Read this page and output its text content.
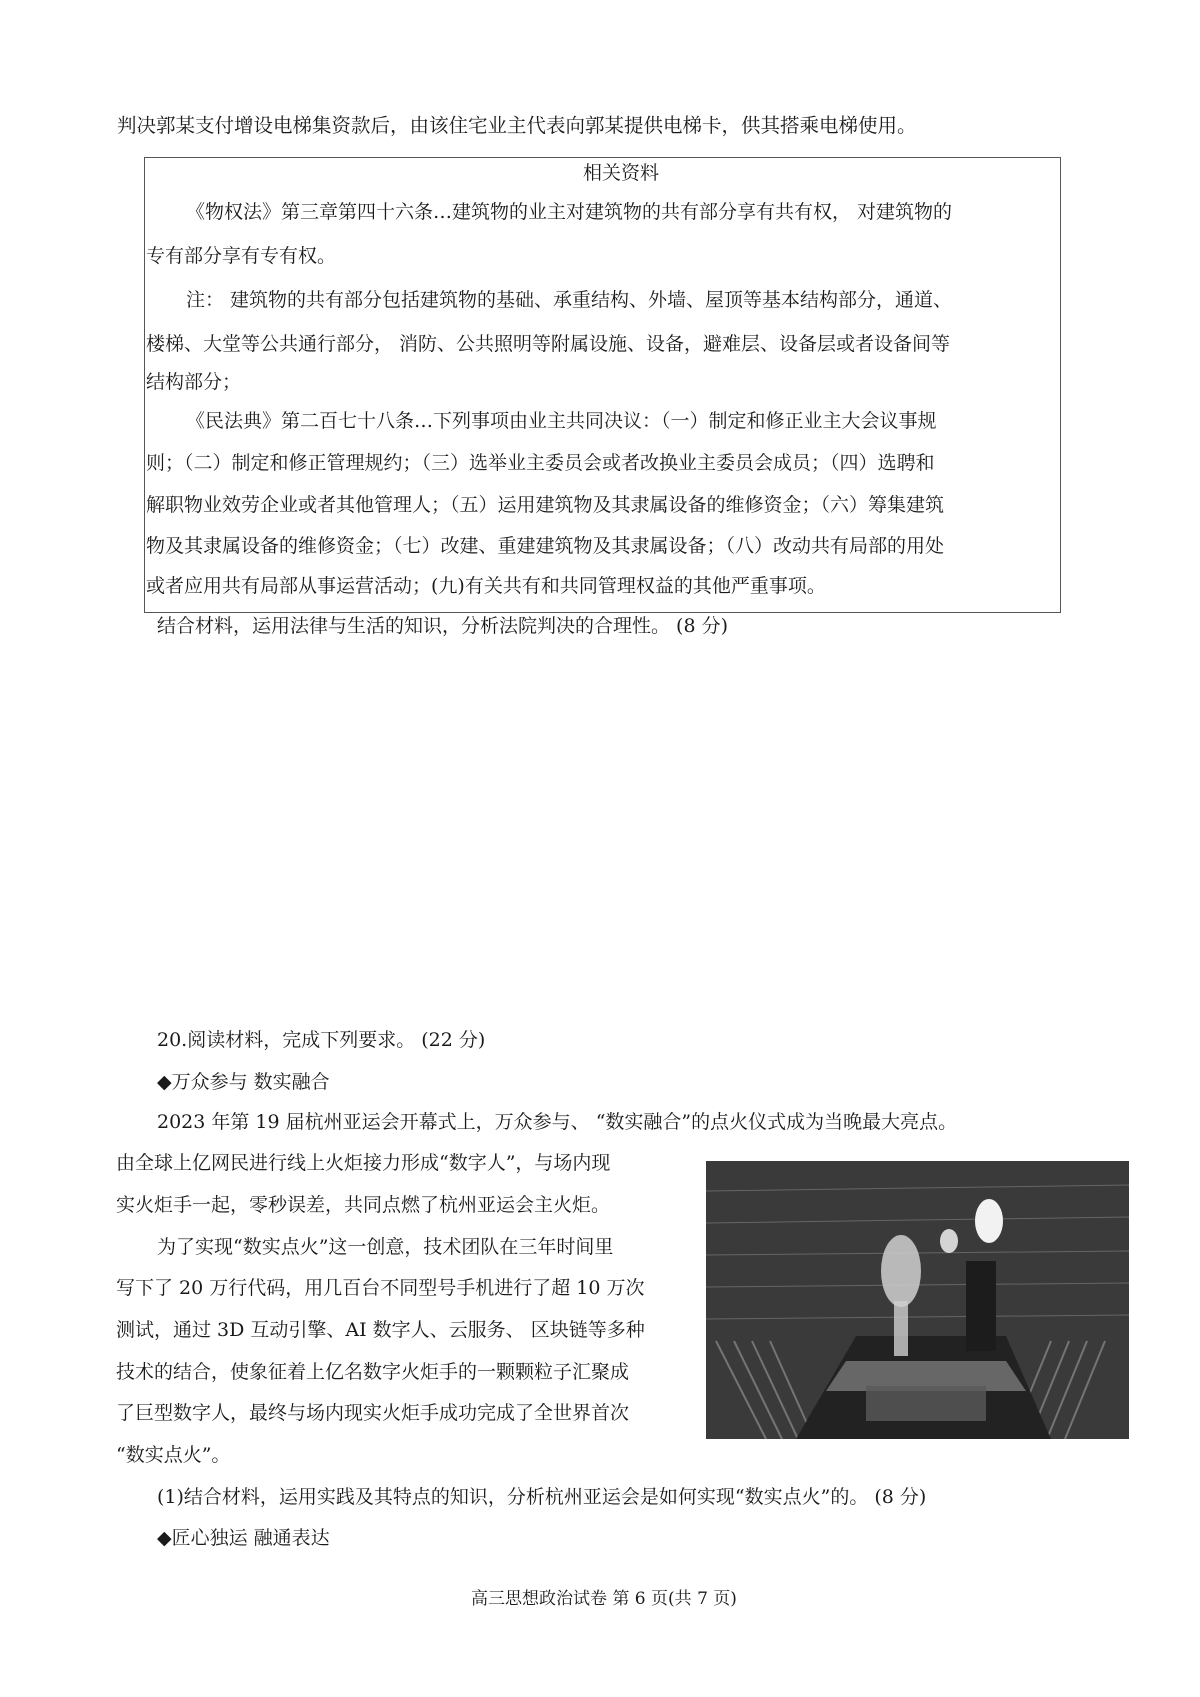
判决郭某支付增设电梯集资款后，由该住宅业主代表向郭某提供电梯卡，供其搭乘电梯使用。
相关资料
《物权法》第三章第四十六条…建筑物的业主对建筑物的共有部分享有共有权， 对建筑物的
专有部分享有专有权。
注： 建筑物的共有部分包括建筑物的基础、承重结构、外墙、屋顶等基本结构部分，通道、
楼梯、大堂等公共通行部分， 消防、公共照明等附属设施、设备，避难层、设备层或者设备间等
结构部分；
《民法典》第二百七十八条…下列事项由业主共同决议：（一）制定和修正业主大会议事规
则；（二）制定和修正管理规约；（三）选举业主委员会或者改换业主委员会成员；（四）选聘和
解职物业效劳企业或者其他管理人；（五）运用建筑物及其隶属设备的维修资金；（六）筹集建筑
物及其隶属设备的维修资金；（七）改建、重建建筑物及其隶属设备；（八）改动共有局部的用处
或者应用共有局部从事运营活动；(九)有关共有和共同管理权益的其他严重事项。
结合材料，运用法律与生活的知识，分析法院判决的合理性。 (8 分)
20.阅读材料，完成下列要求。 (22 分)
◆万众参与 数实融合
2023 年第 19 届杭州亚运会开幕式上，万众参与、 “数实融合”的点火仪式成为当晚最大亮点。
由全球上亿网民进行线上火炬接力形成“数字人”，与场内现
实火炬手一起，零秒误差，共同点燃了杭州亚运会主火炬。
为了实现“数实点火”这一创意，技术团队在三年时间里
写下了 20 万行代码，用几百台不同型号手机进行了超 10 万次
测试，通过 3D 互动引擎、AI 数字人、云服务、 区块链等多种
技术的结合，使象征着上亿名数字火炬手的一颗颗粒子汇聚成
了巨型数字人，最终与场内现实火炬手成功完成了全世界首次
“数实点火”。
(1)结合材料，运用实践及其特点的知识，分析杭州亚运会是如何实现“数实点火”的。 (8 分)
◆匠心独运 融通表达
高三思想政治试卷 第 6 页(共 7 页)
